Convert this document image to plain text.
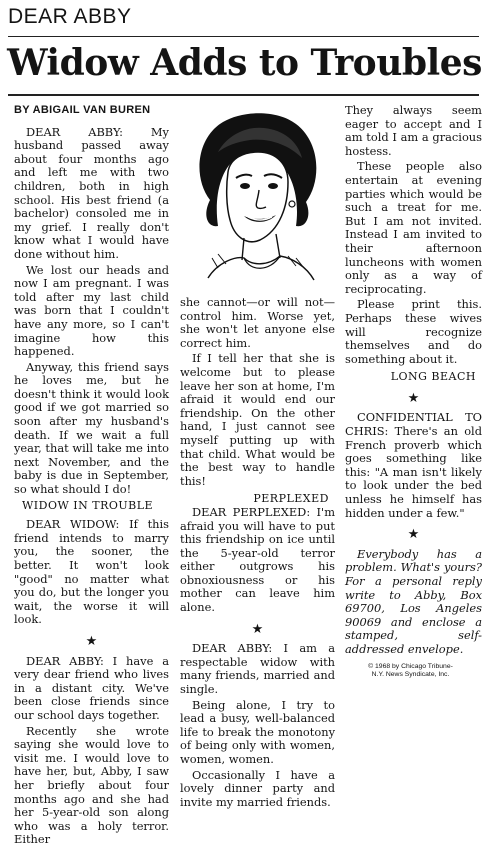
DEAR ABBY
Widow Adds to Troubles
BY ABIGAIL VAN BUREN

DEAR ABBY: My husband passed away about four months ago and left me with two children, both in high school. His best friend (a bachelor) consoled me in my grief. I really don't know what I would have done without him.

We lost our heads and now I am pregnant. I was told after my last child was born that I couldn't have any more, so I can't imagine how this happened.

Anyway, this friend says he loves me, but he doesn't think it would look good if we got married so soon after my husband's death. If we wait a full year, that will take me into next November, and the baby is due in September, so what should I do!

WIDOW IN TROUBLE

DEAR WIDOW: If this friend intends to marry you, the sooner, the better. It won't look "good" no matter what you do, but the longer you wait, the worse it will look.

★

DEAR ABBY: I have a very dear friend who lives in a distant city. We've been close friends since our school days together.

Recently she wrote saying she would love to visit me. I would love to have her, but, Abby, I saw her briefly about four months ago and she had her 5-year-old son along who was a holy terror. Either

she cannot—or will not—control him. Worse yet, she won't let anyone else correct him.

If I tell her that she is welcome but to please leave her son at home, I'm afraid it would end our friendship. On the other hand, I just cannot see myself putting up with that child. What would be the best way to handle this!

PERPLEXED

DEAR PERPLEXED: I'm afraid you will have to put this friendship on ice until the 5-year-old terror either outgrows his obnoxiousness or his mother can leave him alone.

★

DEAR ABBY: I am a respectable widow with many friends, married and single.

Being alone, I try to lead a busy, well-balanced life to break the monotony of being only with women, women, women.

Occasionally I have a lovely dinner party and invite my married friends.

They always seem eager to accept and I am told I am a gracious hostess.

These people also entertain at evening parties which would be such a treat for me. But I am not invited. Instead I am invited to their afternoon luncheons with women only as a way of reciprocating.

Please print this. Perhaps these wives will recognize themselves and do something about it.

LONG BEACH
★

CONFIDENTIAL TO CHRIS: There's an old French proverb which goes something like this: "A man isn't likely to look under the bed unless he himself has hidden under a few."

★

Everybody has a problem. What's yours? For a personal reply write to Abby, Box 69700, Los Angeles 90069 and enclose a stamped, self-addressed envelope.

© 1968 by Chicago Tribune-
N.Y. News Syndicate, Inc.
